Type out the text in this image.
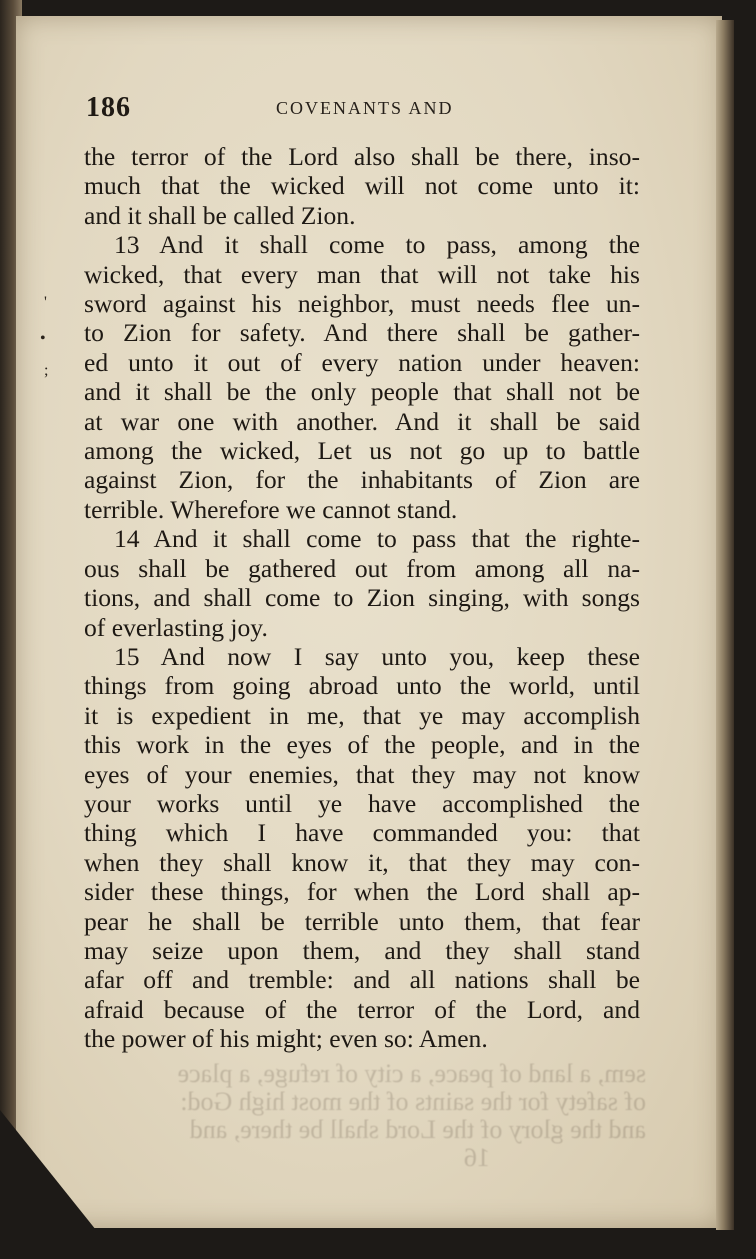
sem, a land of peace, a city of refuge, a place
of safety for the saints of the most high God:
and the glory of the Lord shall be there, and
16
186	COVENANTS AND
'
•
;
the terror of the Lord also shall be there, inso-
much that the wicked will not come unto it:
and it shall be called Zion.
13 And it shall come to pass, among the
wicked, that every man that will not take his
sword against his neighbor, must needs flee un-
to Zion for safety. And there shall be gather-
ed unto it out of every nation under heaven:
and it shall be the only people that shall not be
at war one with another. And it shall be said
among the wicked, Let us not go up to battle
against Zion, for the inhabitants of Zion are
terrible. Wherefore we cannot stand.
14 And it shall come to pass that the righte-
ous shall be gathered out from among all na-
tions, and shall come to Zion singing, with songs
of everlasting joy.
15 And now I say unto you, keep these
things from going abroad unto the world, until
it is expedient in me, that ye may accomplish
this work in the eyes of the people, and in the
eyes of your enemies, that they may not know
your works until ye have accomplished the
thing which I have commanded you: that
when they shall know it, that they may con-
sider these things, for when the Lord shall ap-
pear he shall be terrible unto them, that fear
may seize upon them, and they shall stand
afar off and tremble: and all nations shall be
afraid because of the terror of the Lord, and
the power of his might; even so: Amen.
